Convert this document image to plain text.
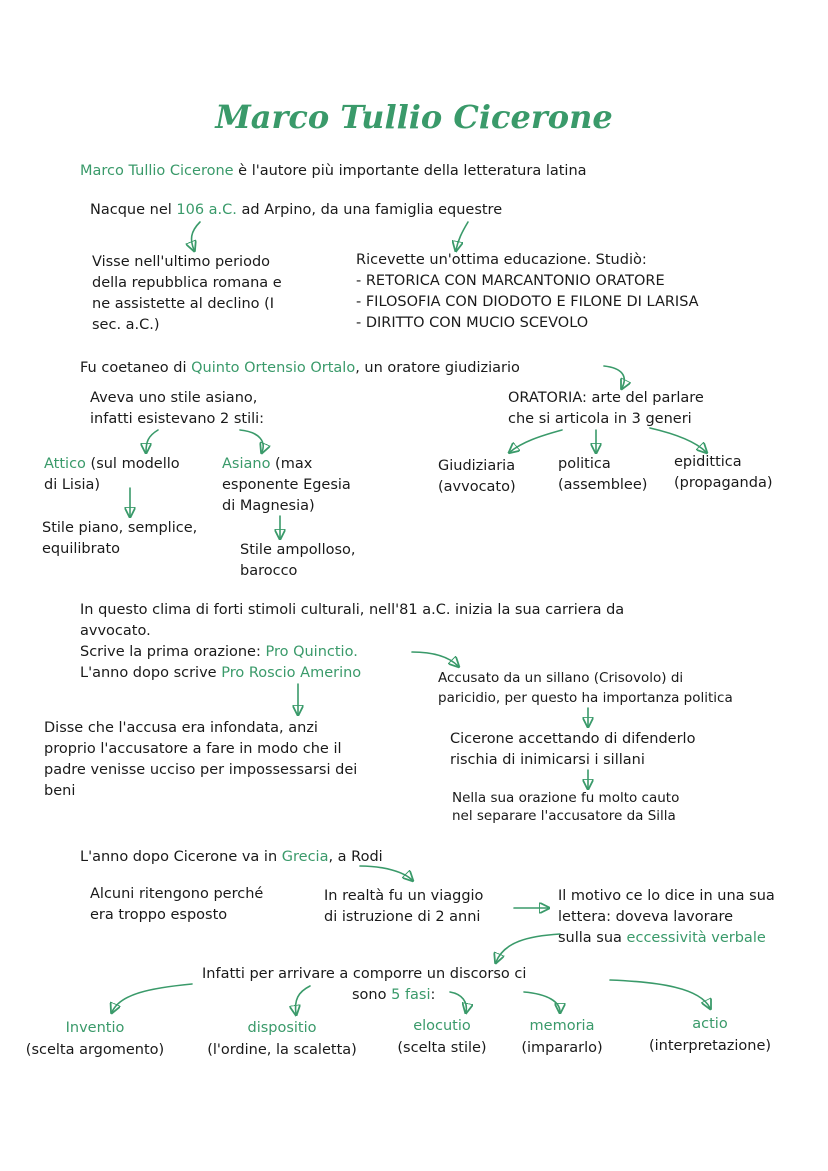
Marco Tullio Cicerone
Marco Tullio Cicerone è l'autore più importante della letteratura latina
Nacque nel 106 a.C. ad Arpino, da una famiglia equestre
Visse nell'ultimo periodo
della repubblica romana e
ne assistette al declino (I
sec. a.C.)
Ricevette un'ottima educazione. Studiò:
- RETORICA CON MARCANTONIO ORATORE
- FILOSOFIA CON DIODOTO E FILONE DI LARISA
- DIRITTO CON MUCIO SCEVOLO
Fu coetaneo di Quinto Ortensio Ortalo, un oratore giudiziario
Aveva uno stile asiano,
infatti esistevano 2 stili:
ORATORIA: arte del parlare
che si articola in 3 generi
Attico (sul modello
di Lisia)
Asiano (max
esponente Egesia
di Magnesia)
Stile piano, semplice,
equilibrato	Stile ampolloso,
barocco
Giudiziaria
(avvocato)
politica
(assemblee)
epidittica
(propaganda)
In questo clima di forti stimoli culturali, nell'81 a.C. inizia la sua carriera da
avvocato.
Scrive la prima orazione: Pro Quinctio.
L'anno dopo scrive Pro Roscio Amerino	Accusato da un sillano (Crisovolo) di
paricidio, per questo ha importanza politica
Disse che l'accusa era infondata, anzi
proprio l'accusatore a fare in modo che il
padre venisse ucciso per impossessarsi dei
beni
Cicerone accettando di difenderlo
rischia di inimicarsi i sillani
Nella sua orazione fu molto cauto
nel separare l'accusatore da Silla
L'anno dopo Cicerone va in Grecia, a Rodi
Alcuni ritengono perché
era troppo esposto
In realtà fu un viaggio
di istruzione di 2 anni
Il motivo ce lo dice in una sua
lettera: doveva lavorare
sulla sua eccessività verbale
Infatti per arrivare a comporre un discorso ci
sono 5 fasi:
Inventio
(scelta argomento)
dispositio
(l'ordine, la scaletta)
elocutio
(scelta stile)
memoria
(impararlo)
actio
(interpretazione)
